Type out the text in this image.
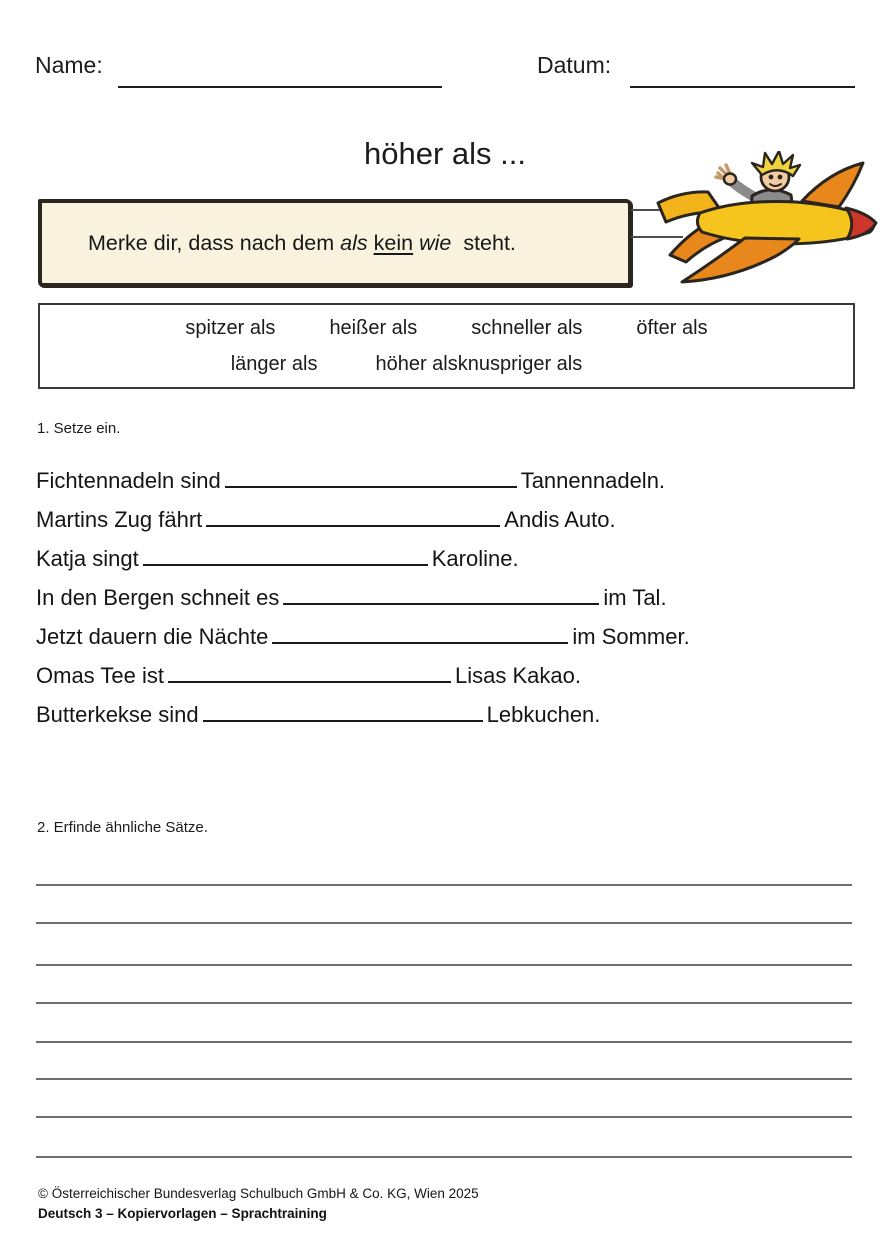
Name:	Datum:
höher als ...
Merke dir, dass nach dem als kein wie steht.
spitzer als	heißer als	schneller als	öfter als
länger als	höher als knuspriger als
1. Setze ein.
Fichtennadeln sind	Tannennadeln.
Martins Zug fährt	Andis Auto.
Katja singt	Karoline.
In den Bergen schneit es	im Tal.
Jetzt dauern die Nächte	im Sommer.
Omas Tee ist	Lisas Kakao.
Butterkekse sind	Lebkuchen.
2. Erfinde ähnliche Sätze.
© Österreichischer Bundesverlag Schulbuch GmbH & Co. KG, Wien 2025
Deutsch 3 – Kopiervorlagen – Sprachtraining
